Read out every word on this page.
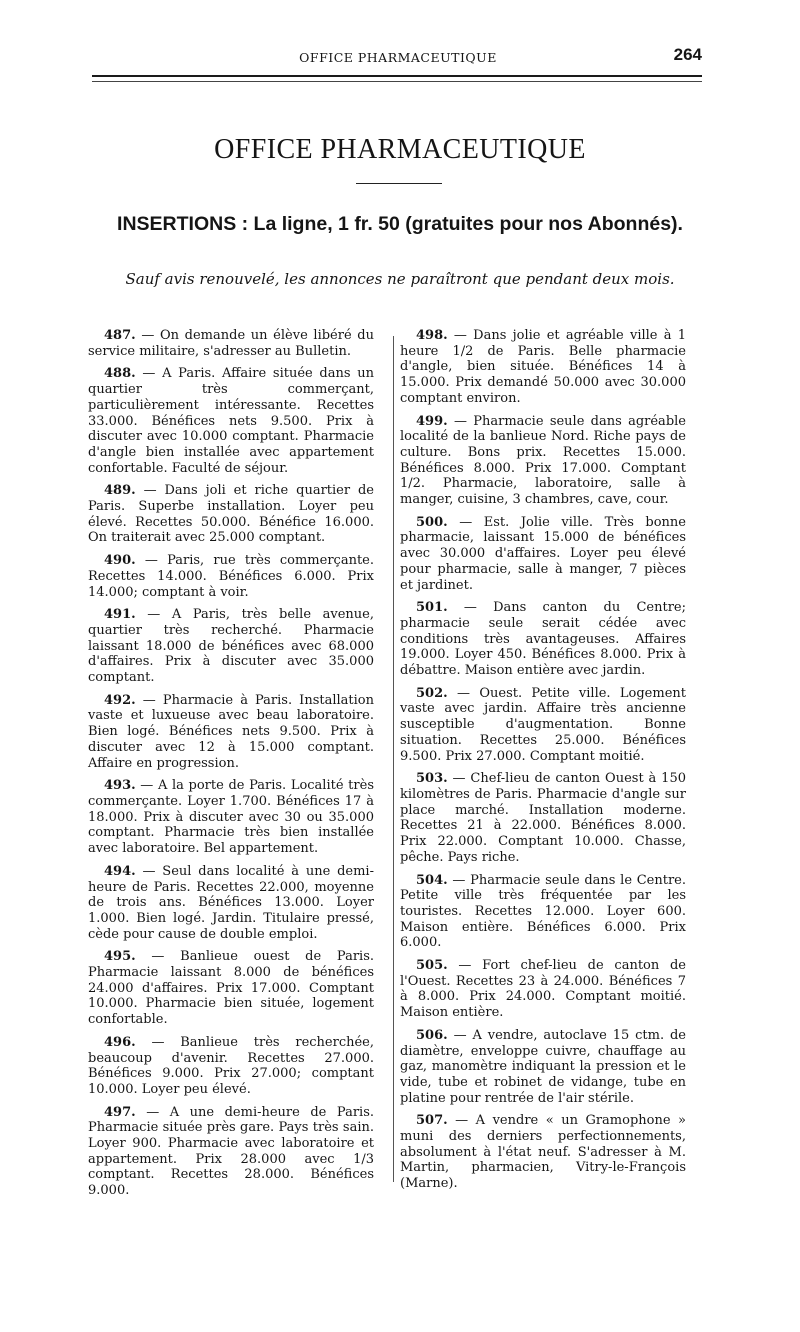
OFFICE PHARMACEUTIQUE	264
OFFICE PHARMACEUTIQUE
INSERTIONS : La ligne, 1 fr. 50 (gratuites pour nos Abonnés).
Sauf avis renouvelé, les annonces ne paraîtront que pendant deux mois.

487. — On demande un élève libéré du service militaire, s'adresser au Bulletin.

488. — A Paris. Affaire située dans un quartier très commerçant, particulièrement intéressante. Recettes 33.000. Bénéfices nets 9.500. Prix à discuter avec 10.000 comptant. Pharmacie d'angle bien installée avec appartement confortable. Faculté de séjour.

489. — Dans joli et riche quartier de Paris. Superbe installation. Loyer peu élevé. Recettes 50.000. Bénéfice 16.000. On traiterait avec 25.000 comptant.

490. — Paris, rue très commerçante. Recettes 14.000. Bénéfices 6.000. Prix 14.000; comptant à voir.

491. — A Paris, très belle avenue, quartier très recherché. Pharmacie laissant 18.000 de bénéfices avec 68.000 d'affaires. Prix à discuter avec 35.000 comptant.

492. — Pharmacie à Paris. Installation vaste et luxueuse avec beau laboratoire. Bien logé. Bénéfices nets 9.500. Prix à discuter avec 12 à 15.000 comptant. Affaire en progression.

493. — A la porte de Paris. Localité très commerçante. Loyer 1.700. Bénéfices 17 à 18.000. Prix à discuter avec 30 ou 35.000 comptant. Pharmacie très bien installée avec laboratoire. Bel appartement.

494. — Seul dans localité à une demi-heure de Paris. Recettes 22.000, moyenne de trois ans. Bénéfices 13.000. Loyer 1.000. Bien logé. Jardin. Titulaire pressé, cède pour cause de double emploi.

495. — Banlieue ouest de Paris. Pharmacie laissant 8.000 de bénéfices 24.000 d'affaires. Prix 17.000. Comptant 10.000. Pharmacie bien située, logement confortable.

496. — Banlieue très recherchée, beaucoup d'avenir. Recettes 27.000. Bénéfices 9.000. Prix 27.000; comptant 10.000. Loyer peu élevé.

497. — A une demi-heure de Paris. Pharmacie située près gare. Pays très sain. Loyer 900. Pharmacie avec laboratoire et appartement. Prix 28.000 avec 1/3 comptant. Recettes 28.000. Bénéfices 9.000.

498. — Dans jolie et agréable ville à 1 heure 1/2 de Paris. Belle pharmacie d'angle, bien située. Bénéfices 14 à 15.000. Prix demandé 50.000 avec 30.000 comptant environ.

499. — Pharmacie seule dans agréable localité de la banlieue Nord. Riche pays de culture. Bons prix. Recettes 15.000. Bénéfices 8.000. Prix 17.000. Comptant 1/2. Pharmacie, laboratoire, salle à manger, cuisine, 3 chambres, cave, cour.

500. — Est. Jolie ville. Très bonne pharmacie, laissant 15.000 de bénéfices avec 30.000 d'affaires. Loyer peu élevé pour pharmacie, salle à manger, 7 pièces et jardinet.

501. — Dans canton du Centre; pharmacie seule serait cédée avec conditions très avantageuses. Affaires 19.000. Loyer 450. Bénéfices 8.000. Prix à débattre. Maison entière avec jardin.

502. — Ouest. Petite ville. Logement vaste avec jardin. Affaire très ancienne susceptible d'augmentation. Bonne situation. Recettes 25.000. Bénéfices 9.500. Prix 27.000. Comptant moitié.

503. — Chef-lieu de canton Ouest à 150 kilomètres de Paris. Pharmacie d'angle sur place marché. Installation moderne. Recettes 21 à 22.000. Bénéfices 8.000. Prix 22.000. Comptant 10.000. Chasse, pêche. Pays riche.

504. — Pharmacie seule dans le Centre. Petite ville très fréquentée par les touristes. Recettes 12.000. Loyer 600. Maison entière. Bénéfices 6.000. Prix 6.000.

505. — Fort chef-lieu de canton de l'Ouest. Recettes 23 à 24.000. Bénéfices 7 à 8.000. Prix 24.000. Comptant moitié. Maison entière.

506. — A vendre, autoclave 15 ctm. de diamètre, enveloppe cuivre, chauffage au gaz, manomètre indiquant la pression et le vide, tube et robinet de vidange, tube en platine pour rentrée de l'air stérile.

507. — A vendre « un Gramophone » muni des derniers perfectionnements, absolument à l'état neuf. S'adresser à M. Martin, pharmacien, Vitry-le-François (Marne).
